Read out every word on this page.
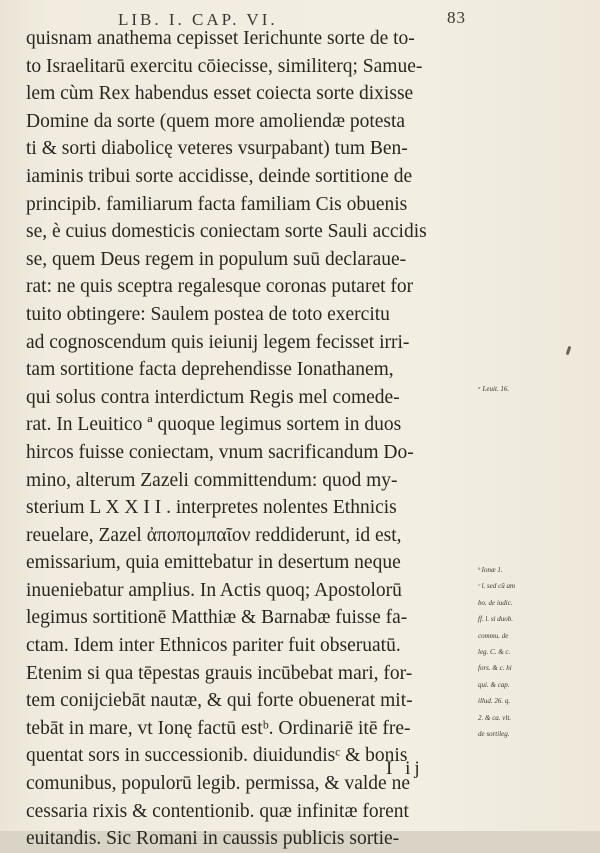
LIB. I. CAP. VI.	83
quisnam anathema cepisset Ierichunte sorte de to-
to Israelitarū exercitu cōiecisse, similiterq; Samue-
lem cùm Rex habendus esset coiecta sorte dixisse
Domine da sorte (quem more amoliendæ potesta
ti & sorti diabolicę veteres vsurpabant) tum Ben-
iaminis tribui sorte accidisse, deinde sortitione de
principib. familiarum facta familiam Cis obuenis
se, è cuius domesticis coniectam sorte Sauli accidis
se, quem Deus regem in populum suū declarauе-
rat: ne quis sceptra regalesque coronas putaret for
tuito obtingere: Saulem postea de toto exercitu
ad cognoscendum quis ieiunij legem fecisset irri-
tam sortitione facta deprehendisse Ionathanem,
qui solus contra interdictum Regis mel comede-
rat. In Leuitico ª quoque legimus sortem in duos
hircos fuisse coniectam, vnum sacrificandum Do-
mino, alterum Zazeli committendum: quod my-
sterium L X X I I . interpretes nolentes Ethnicis
reuelare, Zazel ἀποπομπαῖον reddiderunt, id est,
emissarium, quia emittebatur in desertum neque
inueniebatur amplius. In Actis quoq; Apostolorū
legimus sortitionē Matthiæ & Barnabæ fuisse fa-
ctam. Idem inter Ethnicos pariter fuit obseruatū.
Etenim si qua tēpestas grauis incūbebat mari, for-
tem conijciebāt nautæ, & qui forte obuenerat mit-
tebāt in mare, vt Ionę factū estᵇ. Ordinariē itē fre-
quentat sors in successionib. diuidundisᶜ & bonis
comunibus, populorū legib. permissa, & valde ne
cessaria rixis & contentionib. quæ infinitæ forent
euitandis. Sic Romani in caussis publicis sortie-
ᵃ Leuit. 16.
ᵇ Ionæ 1.
ᶜ l. sed cū am
bo. de iudic.
ff. l. si duob.
commu. de
leg. C. & c.
fors. & c. hi
qui. & cap.
illud. 26. q.
2. & ca. vlt.
de sortileg.
I ij
